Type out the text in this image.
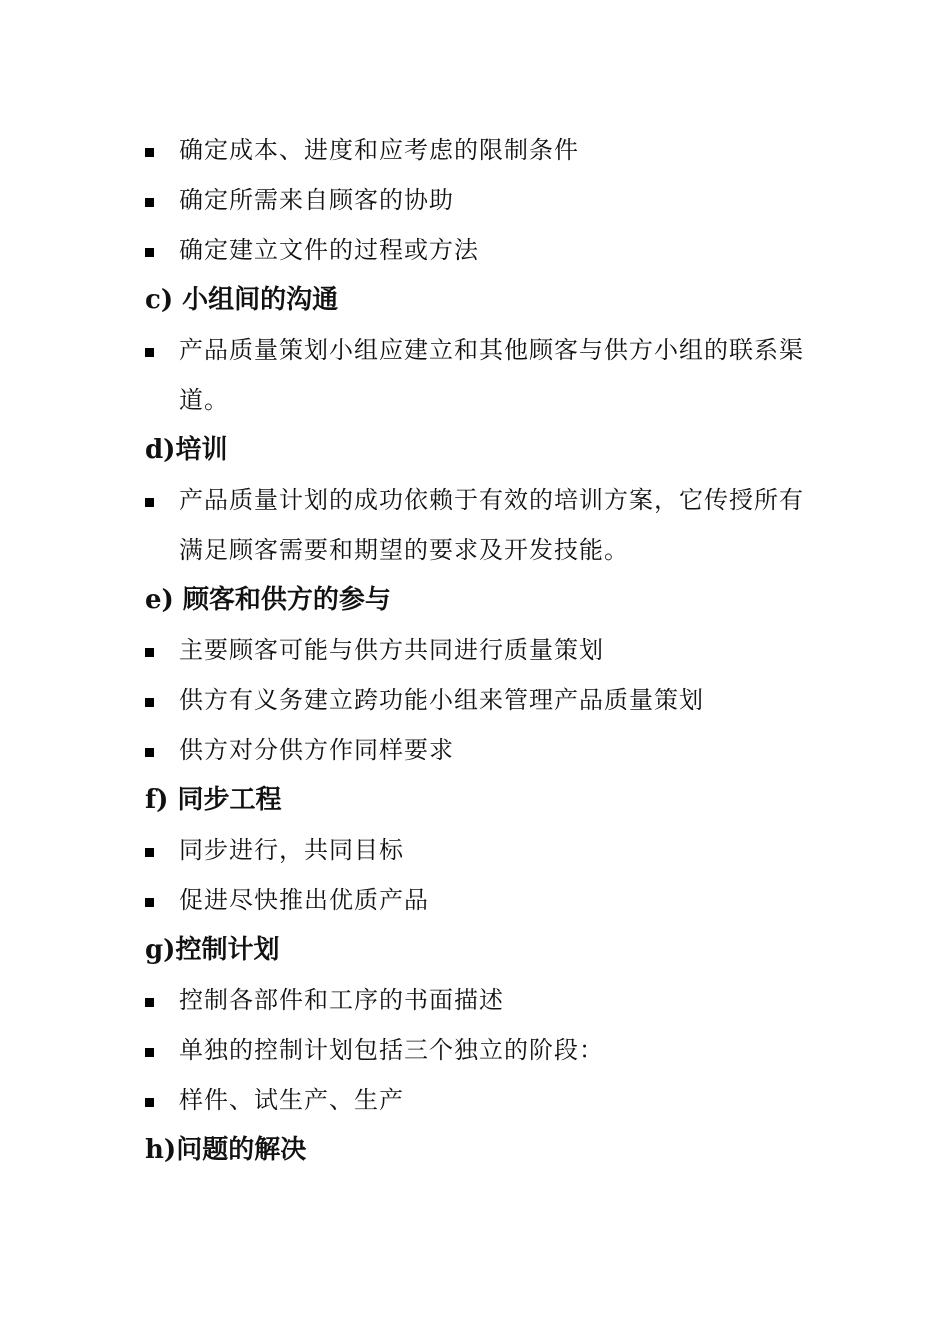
确定成本、进度和应考虑的限制条件
确定所需来自顾客的协助
确定建立文件的过程或方法
c) 小组间的沟通
产品质量策划小组应建立和其他顾客与供方小组的联系渠道。
d)培训
产品质量计划的成功依赖于有效的培训方案，它传授所有满足顾客需要和期望的要求及开发技能。
e) 顾客和供方的参与
主要顾客可能与供方共同进行质量策划
供方有义务建立跨功能小组来管理产品质量策划
供方对分供方作同样要求
f) 同步工程
同步进行，共同目标
促进尽快推出优质产品
g)控制计划
控制各部件和工序的书面描述
单独的控制计划包括三个独立的阶段：
样件、试生产、生产
h)问题的解决
